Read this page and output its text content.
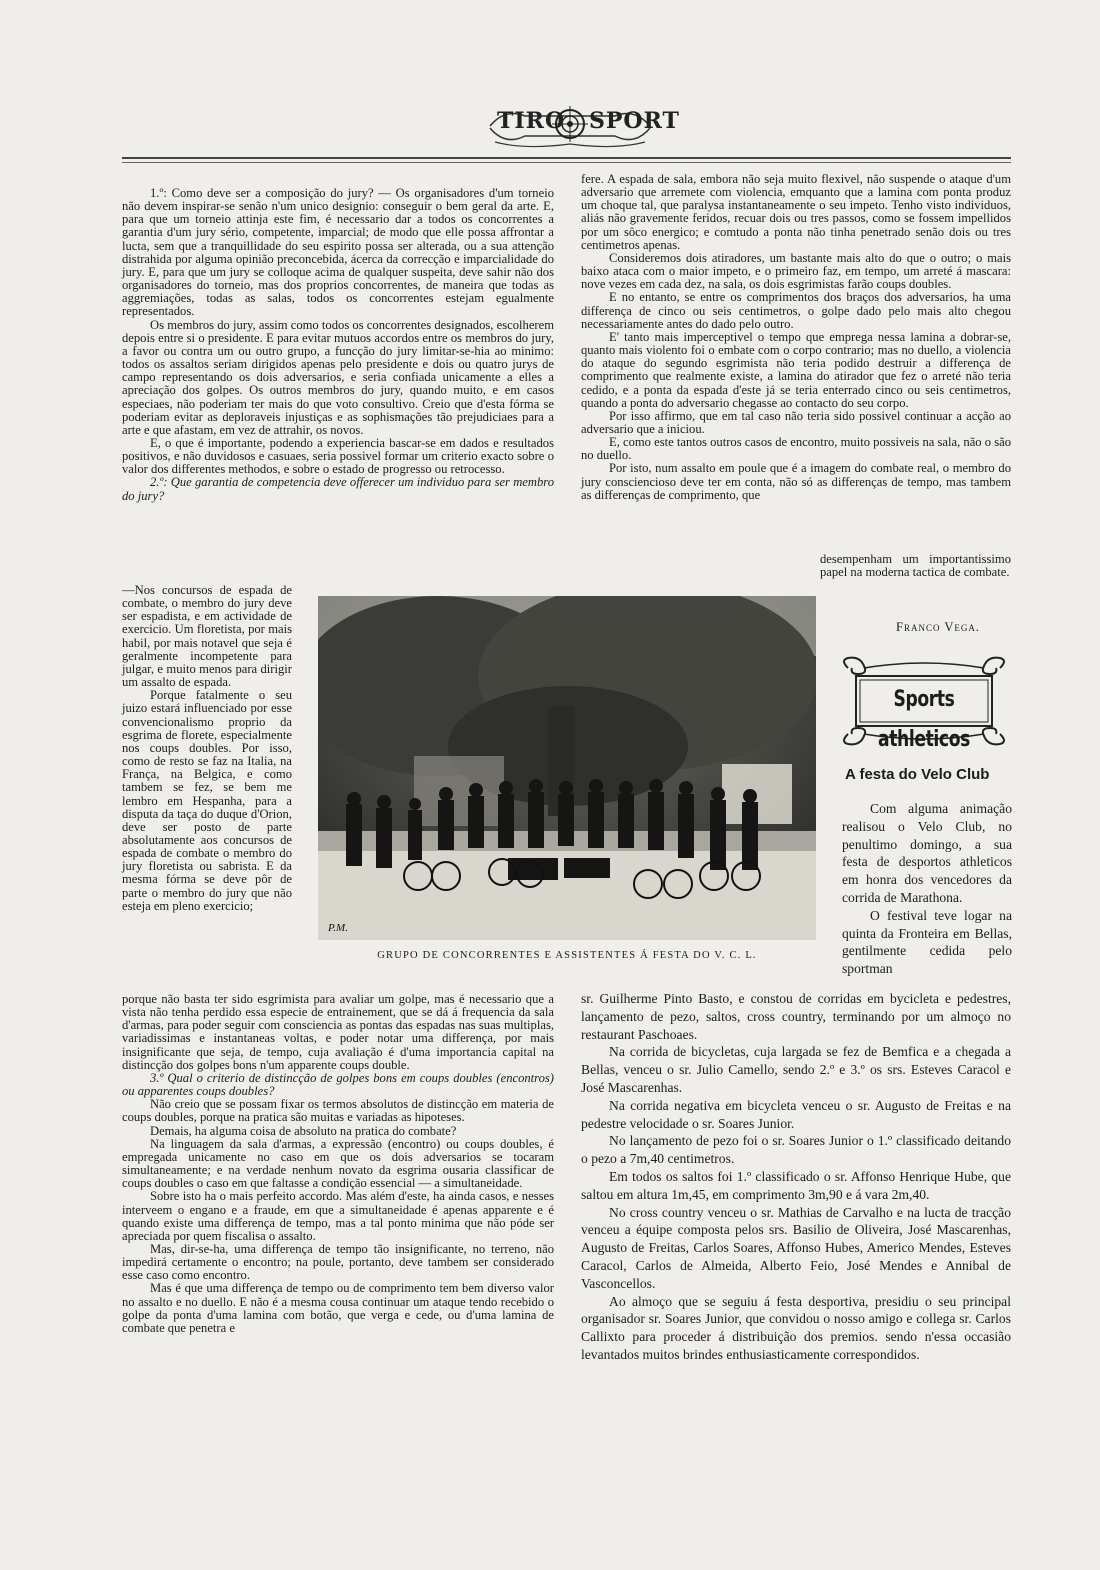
TIRO SPORT

1.º: Como deve ser a composição do jury? — Os organisadores d'um torneio não devem inspirar-se senão n'um unico designio: conseguir o bem geral da arte. E, para que um torneio attinja este fim, é necessario dar a todos os concorrentes a garantia d'um jury sério, competente, imparcial; de modo que elle possa affrontar a lucta, sem que a tranquillidade do seu espirito possa ser alterada, ou a sua attenção distrahida por alguma opinião preconcebida, ácerca da correcção e imparcialidade do jury. E, para que um jury se colloque acima de qualquer suspeita, deve sahir não dos organisadores do torneio, mas dos proprios concorrentes, de maneira que todas as aggremiações, todas as salas, todos os concorrentes estejam egualmente representados.

Os membros do jury, assim como todos os concorrentes designados, escolherem depois entre si o presidente. E para evitar mutuos accordos entre os membros do jury, a favor ou contra um ou outro grupo, a funcção do jury limitar-se-hia ao minimo: todos os assaltos seriam dirigidos apenas pelo presidente e dois ou quatro jurys de campo representando os dois adversarios, e seria confiada unicamente a elles a apreciação dos golpes. Os outros membros do jury, quando muito, e em casos especiaes, não poderiam ter mais do que voto consultivo. Creio que d'esta fórma se poderiam evitar as deploraveis injustiças e as sophismações tão prejudiciaes para a arte e que afastam, em vez de attrahir, os novos.

E, o que é importante, podendo a experiencia bascar-se em dados e resultados positivos, e não duvidosos e casuaes, seria possivel formar um criterio exacto sobre o valor dos differentes methodos, e sobre o estado de progresso ou retrocesso.

2.º: Que garantia de competencia deve offerecer um individuo para ser membro do jury?

—Nos concursos de espada de combate, o membro do jury deve ser espadista, e em actividade de exercicio. Um floretista, por mais habil, por mais notavel que seja é geralmente incompetente para julgar, e muito menos para dirigir um assalto de espada.

Porque fatalmente o seu juizo estará influenciado por esse convencionalismo proprio da esgrima de florete, especialmente nos coups doubles. Por isso, como de resto se faz na Italia, na França, na Belgica, e como tambem se fez, se bem me lembro em Hespanha, para a disputa da taça do duque d'Orion, deve ser posto de parte absolutamente aos concursos de espada de combate o membro do jury floretista ou sabrista. E da mesma fórma se deve pôr de parte o membro do jury que não esteja em pleno exercicio;

porque não basta ter sido esgrimista para avaliar um golpe, mas é necessario que a vista não tenha perdido essa especie de entrainement, que se dá á frequencia da sala d'armas, para poder seguir com consciencia as pontas das espadas nas suas multiplas, variadissimas e instantaneas voltas, e poder notar uma differença, por mais insignificante que seja, de tempo, cuja avaliação é d'uma importancia capital na distincção dos golpes bons n'um apparente coups double.

3.º Qual o criterio de distincção de golpes bons em coups doubles (encontros) ou apparentes coups doubles?

Não creio que se possam fixar os termos absolutos de distincção em materia de coups doubles, porque na pratica são muitas e variadas as hipoteses.

Demais, ha alguma coisa de absoluto na pratica do combate?

Na linguagem da sala d'armas, a expressão (encontro) ou coups doubles, é empregada unicamente no caso em que os dois adversarios se tocaram simultaneamente; e na verdade nenhum novato da esgrima ousaria classificar de coups doubles o caso em que faltasse a condição essencial — a simultaneidade.

Sobre isto ha o mais perfeito accordo. Mas além d'este, ha ainda casos, e nesses interveem o engano e a fraude, em que a simultaneidade é apenas apparente e é quando existe uma differença de tempo, mas a tal ponto minima que não póde ser apreciada por quem fiscalisa o assalto.

Mas, dir-se-ha, uma differença de tempo tão insignificante, no terreno, não impedirá certamente o encontro; na poule, portanto, deve tambem ser considerado esse caso como encontro.

Mas é que uma differença de tempo ou de comprimento tem bem diverso valor no assalto e no duello. E não é a mesma cousa continuar um ataque tendo recebido o golpe da ponta d'uma lamina com botão, que verga e cede, ou d'uma lamina de combate que penetra e

fere. A espada de sala, embora não seja muito flexivel, não suspende o ataque d'um adversario que arremete com violencia, emquanto que a lamina com ponta produz um choque tal, que paralysa instantaneamente o seu impeto. Tenho visto individuos, aliás não gravemente feridos, recuar dois ou tres passos, como se fossem impellidos por um sôco energico; e comtudo a ponta não tinha penetrado senão dois ou tres centimetros apenas.

Consideremos dois atiradores, um bastante mais alto do que o outro; o mais baixo ataca com o maior impeto, e o primeiro faz, em tempo, um arreté á mascara: nove vezes em cada dez, na sala, os dois esgrimistas farão coups doubles.

E no entanto, se entre os comprimentos dos braços dos adversarios, ha uma differença de cinco ou seis centimetros, o golpe dado pelo mais alto chegou necessariamente antes do dado pelo outro.

E' tanto mais imperceptivel o tempo que emprega nessa lamina a dobrar-se, quanto mais violento foi o embate com o corpo contrario; mas no duello, a violencia do ataque do segundo esgrimista não teria podido destruir a differença de comprimento que realmente existe, a lamina do atirador que fez o arreté não teria cedido, e a ponta da espada d'este já se teria enterrado cinco ou seis centimetros, quando a ponta do adversario chegasse ao contacto do seu corpo.

Por isso affirmo, que em tal caso não teria sido possivel continuar a acção ao adversario que a iniciou.

E, como este tantos outros casos de encontro, muito possiveis na sala, não o são no duello.

Por isto, num assalto em poule que é a imagem do combate real, o membro do jury consciencioso deve ter em conta, não só as differenças de tempo, mas tambem as differenças de comprimento, que

desempenham um importantissimo papel na moderna tactica de combate.

Franco Vega.
GRUPO DE CONCORRENTES E ASSISTENTES Á FESTA DO V. C. L.
P.M.
Sports athleticos
A festa do Velo Club

Com alguma animação realisou o Velo Club, no penultimo domingo, a sua festa de desportos athleticos em honra dos vencedores da corrida de Marathona.

O festival teve logar na quinta da Fronteira em Bellas, gentilmente cedida pelo sportman

sr. Guilherme Pinto Basto, e constou de corridas em bycicleta e pedestres, lançamento de pezo, saltos, cross country, terminando por um almoço no restaurant Paschoaes.

Na corrida de bicycletas, cuja largada se fez de Bemfica e a chegada a Bellas, venceu o sr. Julio Camello, sendo 2.º e 3.º os srs. Esteves Caracol e José Mascarenhas.

Na corrida negativa em bicycleta venceu o sr. Augusto de Freitas e na pedestre velocidade o sr. Soares Junior.

No lançamento de pezo foi o sr. Soares Junior o 1.º classificado deitando o pezo a 7m,40 centimetros.

Em todos os saltos foi 1.º classificado o sr. Affonso Henrique Hube, que saltou em altura 1m,45, em comprimento 3m,90 e á vara 2m,40.

No cross country venceu o sr. Mathias de Carvalho e na lucta de tracção venceu a équipe composta pelos srs. Basilio de Oliveira, José Mascarenhas, Augusto de Freitas, Carlos Soares, Affonso Hubes, Americo Mendes, Esteves Caracol, Carlos de Almeida, Alberto Feio, José Mendes e Annibal de Vasconcellos.

Ao almoço que se seguiu á festa desportiva, presidiu o seu principal organisador sr. Soares Junior, que convidou o nosso amigo e collega sr. Carlos Callixto para proceder á distribuição dos premios. sendo n'essa occasião levantados muitos brindes enthusiasticamente correspondidos.
